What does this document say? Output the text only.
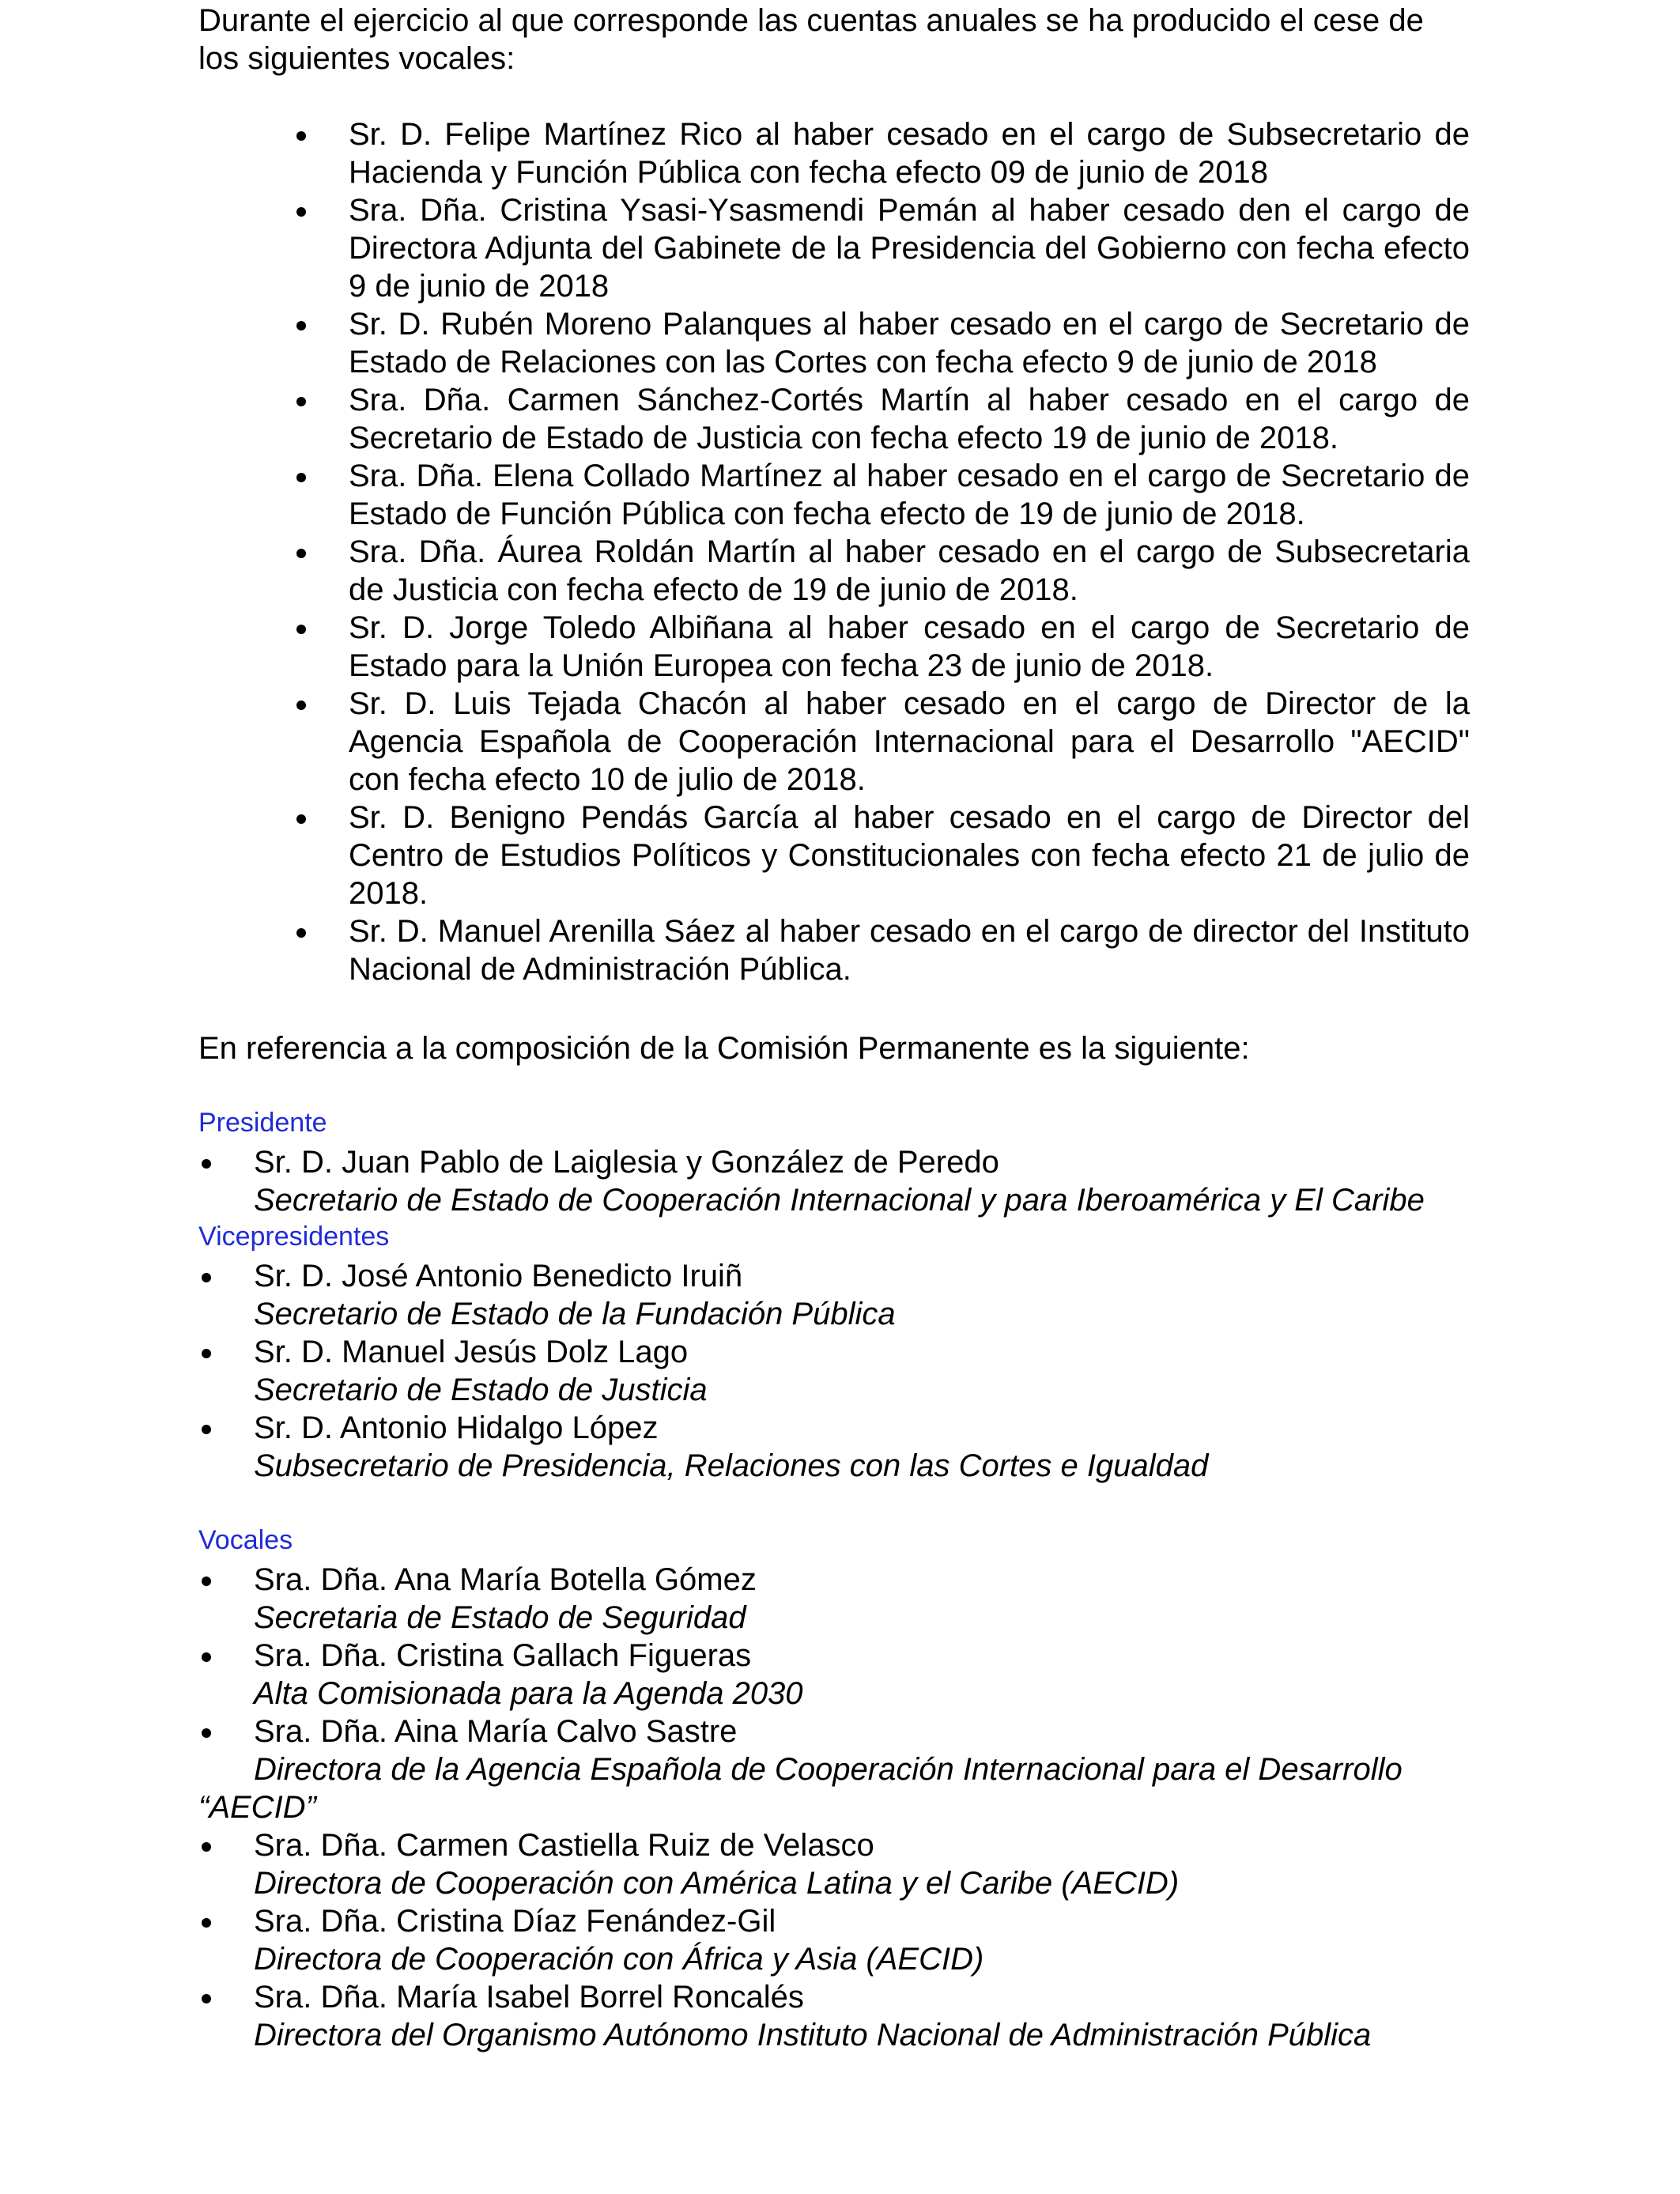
Durante el ejercicio al que corresponde las cuentas anuales se ha producido el cese de los siguientes vocales:

Sr. D. Felipe Martínez Rico al haber cesado en el cargo de Subsecretario de Hacienda y Función Pública con fecha efecto 09 de junio de 2018
Sra. Dña. Cristina Ysasi-Ysasmendi Pemán al haber cesado den el cargo de Directora Adjunta del Gabinete de la Presidencia del Gobierno con fecha efecto 9 de junio de 2018
Sr. D. Rubén Moreno Palanques al haber cesado en el cargo de Secretario de Estado de Relaciones con las Cortes con fecha efecto 9 de junio de 2018
Sra. Dña. Carmen Sánchez-Cortés Martín al haber cesado en el cargo de Secretario de Estado de Justicia con fecha efecto 19 de junio de 2018.
Sra. Dña. Elena Collado Martínez al haber cesado en el cargo de Secretario de Estado de Función Pública con fecha efecto de 19 de junio de 2018.
Sra. Dña. Áurea Roldán Martín al haber cesado en el cargo de Subsecretaria de Justicia con fecha efecto de 19 de junio de 2018.
Sr. D. Jorge Toledo Albiñana al haber cesado en el cargo de Secretario de Estado para la Unión Europea con fecha 23 de junio de 2018.
Sr. D. Luis Tejada Chacón al haber cesado en el cargo de Director de la Agencia Española de Cooperación Internacional para el Desarrollo "AECID" con fecha efecto 10 de julio de 2018.
Sr. D. Benigno Pendás García al haber cesado en el cargo de Director del Centro de Estudios Políticos y Constitucionales con fecha efecto 21 de julio de 2018.
Sr. D. Manuel Arenilla Sáez al haber cesado en el cargo de director del Instituto Nacional de Administración Pública.

En referencia a la composición de la Comisión Permanente es la siguiente:

Presidente

Sr. D. Juan Pablo de Laiglesia y González de Peredo
Secretario de Estado de Cooperación Internacional y para Iberoamérica y El Caribe

Vicepresidentes

Sr. D. José Antonio Benedicto Iruiñ
Secretario de Estado de la Fundación Pública
Sr. D. Manuel Jesús Dolz Lago
Secretario de Estado de Justicia
Sr. D. Antonio Hidalgo López
Subsecretario de Presidencia, Relaciones con las Cortes e Igualdad

Vocales

Sra. Dña. Ana María Botella Gómez
Secretaria de Estado de Seguridad
Sra. Dña. Cristina Gallach Figueras
Alta Comisionada para la Agenda 2030
Sra. Dña. Aina María Calvo Sastre
Directora de la Agencia Española de Cooperación Internacional para el Desarrollo
“AECID”
Sra. Dña. Carmen Castiella Ruiz de Velasco
Directora de Cooperación con América Latina y el Caribe (AECID)
Sra. Dña. Cristina Díaz Fenández-Gil
Directora de Cooperación con África y Asia (AECID)
Sra. Dña. María Isabel Borrel Roncalés
Directora del Organismo Autónomo Instituto Nacional de Administración Pública
